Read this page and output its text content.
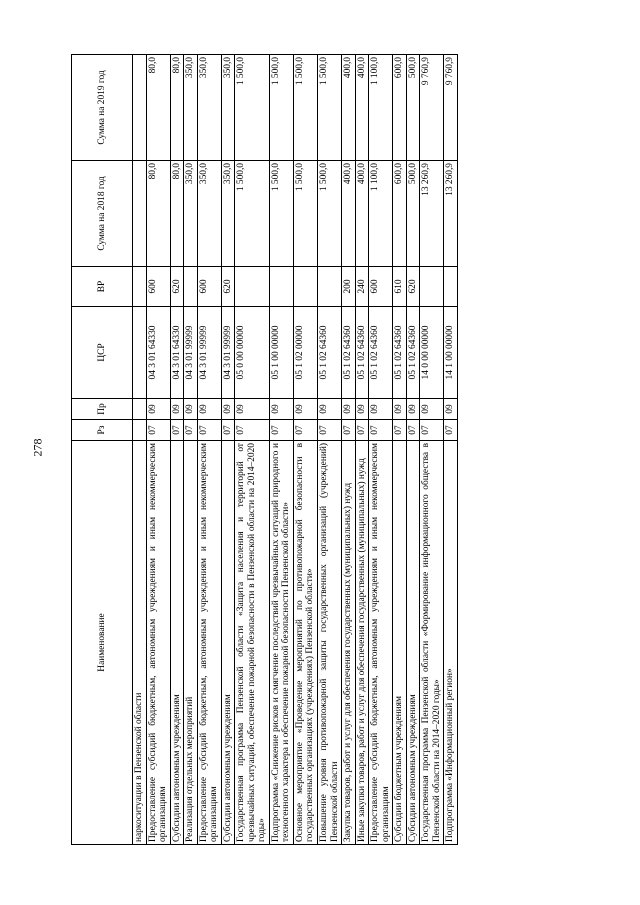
278
Наименование	Рз	Пр	ЦСР	ВР	Сумма на 2018 год	Сумма на 2019 год
наркоситуации в Пензенской области						
Предоставление субсидий бюджетным, автономным учреждениям и иным некоммерческим организациям	07	09	04 3 01 64330	600	80,0	80,0
Субсидии автономным учреждениям	07	09	04 3 01 64330	620	80,0	80,0
Реализация отдельных мероприятий	07	09	04 3 01 99999		350,0	350,0
Предоставление субсидий бюджетным, автономным учреждениям и иным некоммерческим организациям	07	09	04 3 01 99999	600	350,0	350,0
Субсидии автономным учреждениям	07	09	04 3 01 99999	620	350,0	350,0
Государственная программа Пензенской области «Защита населения и территорий от чрезвычайных ситуаций, обеспечение пожарной безопасности в Пензенской области на 2014–2020 годы»	07	09	05 0 00 00000		1 500,0	1 500,0
Подпрограмма «Снижение рисков и смягчение последствий чрезвычайных ситуаций природного и техногенного характера и обеспечение пожарной безопасности Пензенской области»	07	09	05 1 00 00000		1 500,0	1 500,0
Основное мероприятие «Проведение мероприятий по противопожарной безопасности в государственных организациях (учреждениях) Пензенской области»	07	09	05 1 02 00000		1 500,0	1 500,0
Повышение уровня противопожарной защиты государственных организаций (учреждений) Пензенской области	07	09	05 1 02 64360		1 500,0	1 500,0
Закупка товаров, работ и услуг для обеспечения государственных (муниципальных) нужд	07	09	05 1 02 64360	200	400,0	400,0
Иные закупки товаров, работ и услуг для обеспечения государственных (муниципальных) нужд	07	09	05 1 02 64360	240	400,0	400,0
Предоставление субсидий бюджетным, автономным учреждениям и иным некоммерческим организациям	07	09	05 1 02 64360	600	1 100,0	1 100,0
Субсидии бюджетным учреждениям	07	09	05 1 02 64360	610	600,0	600,0
Субсидии автономным учреждениям	07	09	05 1 02 64360	620	500,0	500,0
Государственная программа Пензенской области «Формирование информационного общества в Пензенской области на 2014–2020 годы»	07	09	14 0 00 00000		13 260,9	9 760,9
Подпрограмма «Информационный регион»	07	09	14 1 00 00000		13 260,9	9 760,9
